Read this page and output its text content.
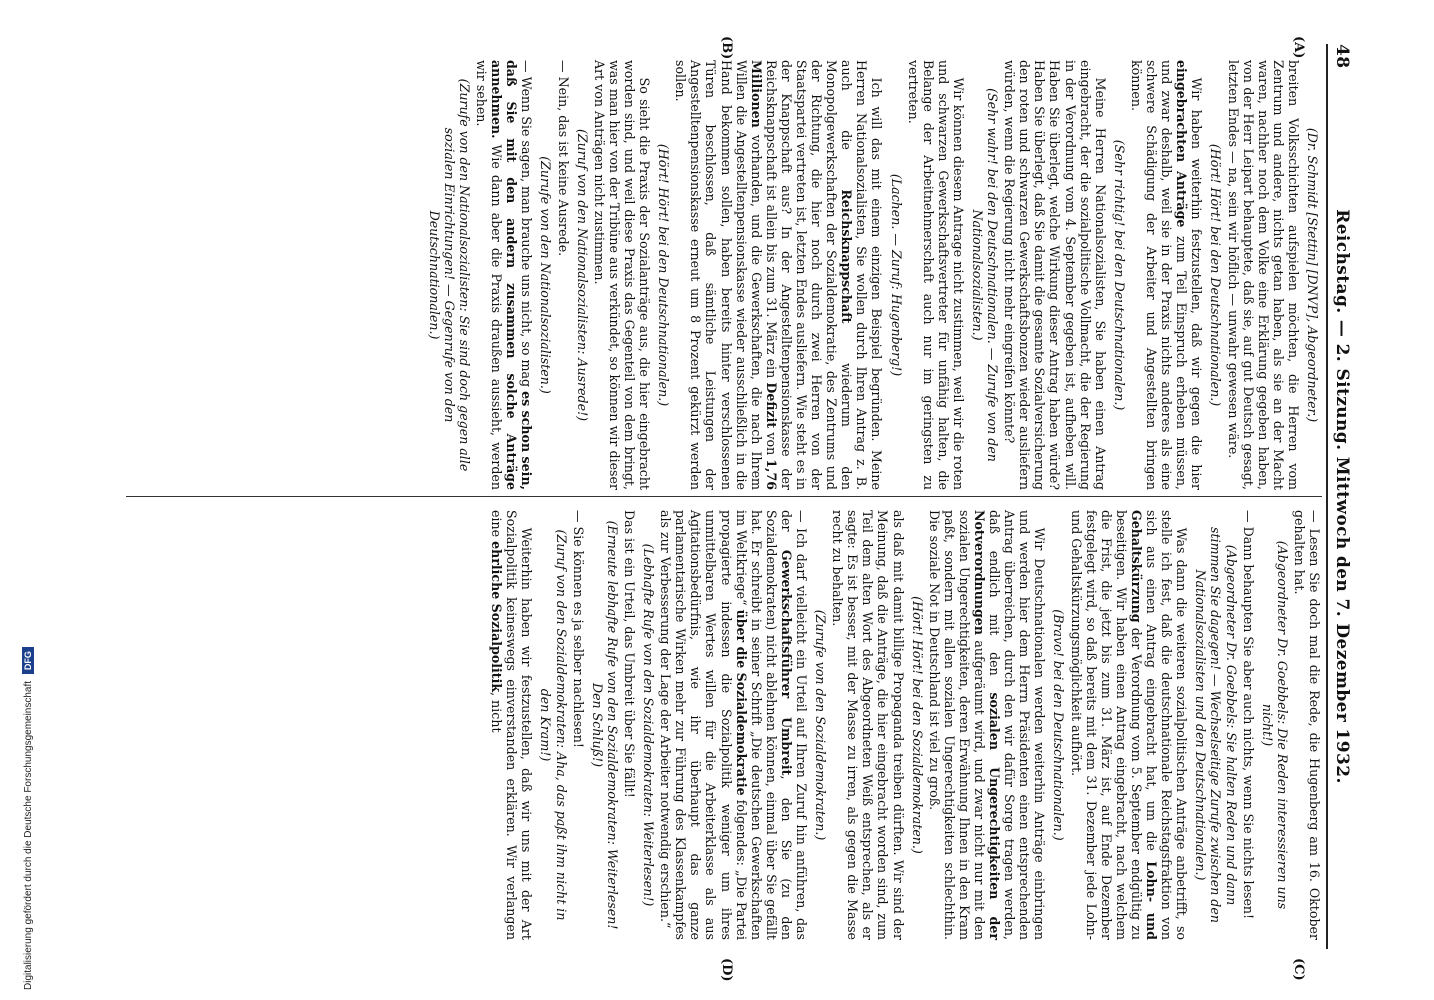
48
Reichstag. — 2. Sitzung. Mittwoch den 7. Dezember 1932.
(A)
(B)
(C)
(D)

(Dr. Schmidt [Stettin] [DNVP], Abgeordneter.)

breiten Volksschichten aufspielen möchten, die Herren vom Zentrum und andere, nichts getan haben, als sie an der Macht waren, nachher noch dem Volke eine Erklärung gegeben haben, von der Herr Leipart behauptete, daß sie, auf gut Deutsch gesagt, letzten Endes — na, sein wir höflich — unwahr gewesen wäre.

(Hört! Hört! bei den Deutschnationalen.)

Wir haben weiterhin festzustellen, daß wir gegen die hier eingebrachten Anträge zum Teil Einspruch erheben müssen, und zwar deshalb, weil sie in der Praxis nichts anderes als eine schwere Schädigung der Arbeiter und Angestellten bringen können.

(Sehr richtig! bei den Deutschnationalen.)

Meine Herren Nationalsozialisten, Sie haben einen Antrag eingebracht, der die sozialpolitische Vollmacht, die der Regierung in der Verordnung vom 4. September gegeben ist, aufheben will. Haben Sie überlegt, welche Wirkung dieser Antrag haben würde? Haben Sie überlegt, daß Sie damit die gesamte Sozialversicherung den roten und schwarzen Gewerkschaftsbonzen wieder ausliefern würden, wenn die Regierung nicht mehr eingreifen könnte?

(Sehr wahr! bei den Deutschnationalen. — Zurufe von den Nationalsozialisten.)

Wir können diesem Antrage nicht zustimmen, weil wir die roten und schwarzen Gewerkschaftsvertreter für unfähig halten, die Belange der Arbeitnehmerschaft auch nur im geringsten zu vertreten.

(Lachen. — Zuruf: Hugenberg!)

Ich will das mit einem einzigen Beispiel begründen. Meine Herren Nationalsozialisten, Sie wollen durch Ihren Antrag z. B. auch die Reichsknappschaft wiederum den Monopolgewerkschaften der Sozialdemokratie, des Zentrums und der Richtung, die hier noch durch zwei Herren von der Staatspartei vertreten ist, letzten Endes ausliefern. Wie steht es in der Knappschaft aus? In der Angestelltenpensionskasse der Reichsknappschaft ist allein bis zum 31. März ein Defizit von 1,76 Millionen vorhanden, und die Gewerkschaften, die nach Ihrem Willen die Angestelltenpensionskasse wieder ausschließlich in die Hand bekommen sollen, haben bereits hinter verschlossenen Türen beschlossen, daß sämtliche Leistungen der Angestelltenpensionskasse erneut um 8 Prozent gekürzt werden sollen.

(Hört! Hört! bei den Deutschnationalen.)

So sieht die Praxis der Sozialanträge aus, die hier eingebracht worden sind, und weil diese Praxis das Gegenteil von dem bringt, was man hier von der Tribüne aus verkündet, so können wir dieser Art von Anträgen nicht zustimmen.

(Zuruf von den Nationalsozialisten: Ausrede!)

— Nein, das ist keine Ausrede.

(Zurufe von den Nationalsozialisten.)

— Wenn Sie sagen, man brauche uns nicht, so mag es schon sein, daß Sie mit den andern zusammen solche Anträge annehmen. Wie dann aber die Praxis draußen aussieht, werden wir sehen.

(Zurufe von den Nationalsozialisten: Sie sind doch gegen alle sozialen Einrichtungen! — Gegenrufe von den Deutschnationalen.)

— Lesen Sie doch mal die Rede, die Hugenberg am 16. Oktober gehalten hat.

(Abgeordneter Dr. Goebbels: Die Reden interessieren uns nicht!)

— Dann behaupten Sie aber auch nichts, wenn Sie nichts lesen!

(Abgeordneter Dr. Goebbels: Sie halten Reden und dann stimmen Sie dagegen! — Wechselseitige Zurufe zwischen den Nationalsozialisten und den Deutschnationalen.)

Was dann die weiteren sozialpolitischen Anträge anbetrifft, so stelle ich fest, daß die deutschnationale Reichstagsfraktion von sich aus einen Antrag eingebracht hat, um die Lohn- und Gehaltskürzung der Verordnung vom 5. September endgültig zu beseitigen. Wir haben einen Antrag eingebracht, nach welchem die Frist, die jetzt bis zum 31. März ist, auf Ende Dezember festgelegt wird, so daß bereits mit dem 31. Dezember jede Lohn- und Gehaltskürzungsmöglichkeit aufhört.

(Bravo! bei den Deutschnationalen.)

Wir Deutschnationalen werden weiterhin Anträge einbringen und werden hier dem Herrn Präsidenten einen entsprechenden Antrag überreichen, durch den wir dafür Sorge tragen werden, daß endlich mit den sozialen Ungerechtigkeiten der Notverordnungen aufgeräumt wird, und zwar nicht nur mit den sozialen Ungerechtigkeiten, deren Erwähnung Ihnen in den Kram paßt, sondern mit allen sozialen Ungerechtigkeiten schlechthin. Die soziale Not in Deutschland ist viel zu groß.

(Hört! Hört! bei den Sozialdemokraten.)

als daß mit damit billige Propaganda treiben dürften. Wir sind der Meinung, daß die Anträge, die hier eingebracht worden sind, zum Teil dem alten Wort des Abgeordneten Weiß entsprechen, als er sagte: Es ist besser, mit der Masse zu irren, als gegen die Masse recht zu behalten.

(Zurufe von den Sozialdemokraten.)

— Ich darf vielleicht ein Urteil auf Ihren Zuruf hin anführen, das der Gewerkschaftsführer Umbreit, den Sie (zu den Sozialdemokraten) nicht ablehnen können, einmal über Sie gefällt hat. Er schreibt in seiner Schrift „Die deutschen Gewerkschaften im Weltkriege“ über die Sozialdemokratie folgendes: „Die Partei propagierte indessen die Sozialpolitik weniger um ihres unmittelbaren Wertes willen für die Arbeiterklasse als aus Agitationsbedürfnis, wie ihr überhaupt das ganze parlamentarische Wirken mehr zur Führung des Klassenkampfes als zur Verbesserung der Lage der Arbeiter notwendig erschien.“

(Lebhafte Rufe von den Sozialdemokraten: Weiterlesen!)

Das ist ein Urteil, das Umbreit über Sie fällt!

(Erneute lebhafte Rufe von den Sozialdemokraten: Weiterlesen! Den Schluß!)

— Sie können es ja selber nachlesen!

(Zuruf von den Sozialdemokraten: Aha, das paßt ihm nicht in den Kram!)

Weiterhin haben wir festzustellen, daß wir uns mit der Art Sozialpolitik keineswegs einverstanden erklären. Wir verlangen eine ehrliche Sozialpolitik, nicht

Digitalisierung gefördert durch die Deutsche Forschungsgemeinschaft DFG
